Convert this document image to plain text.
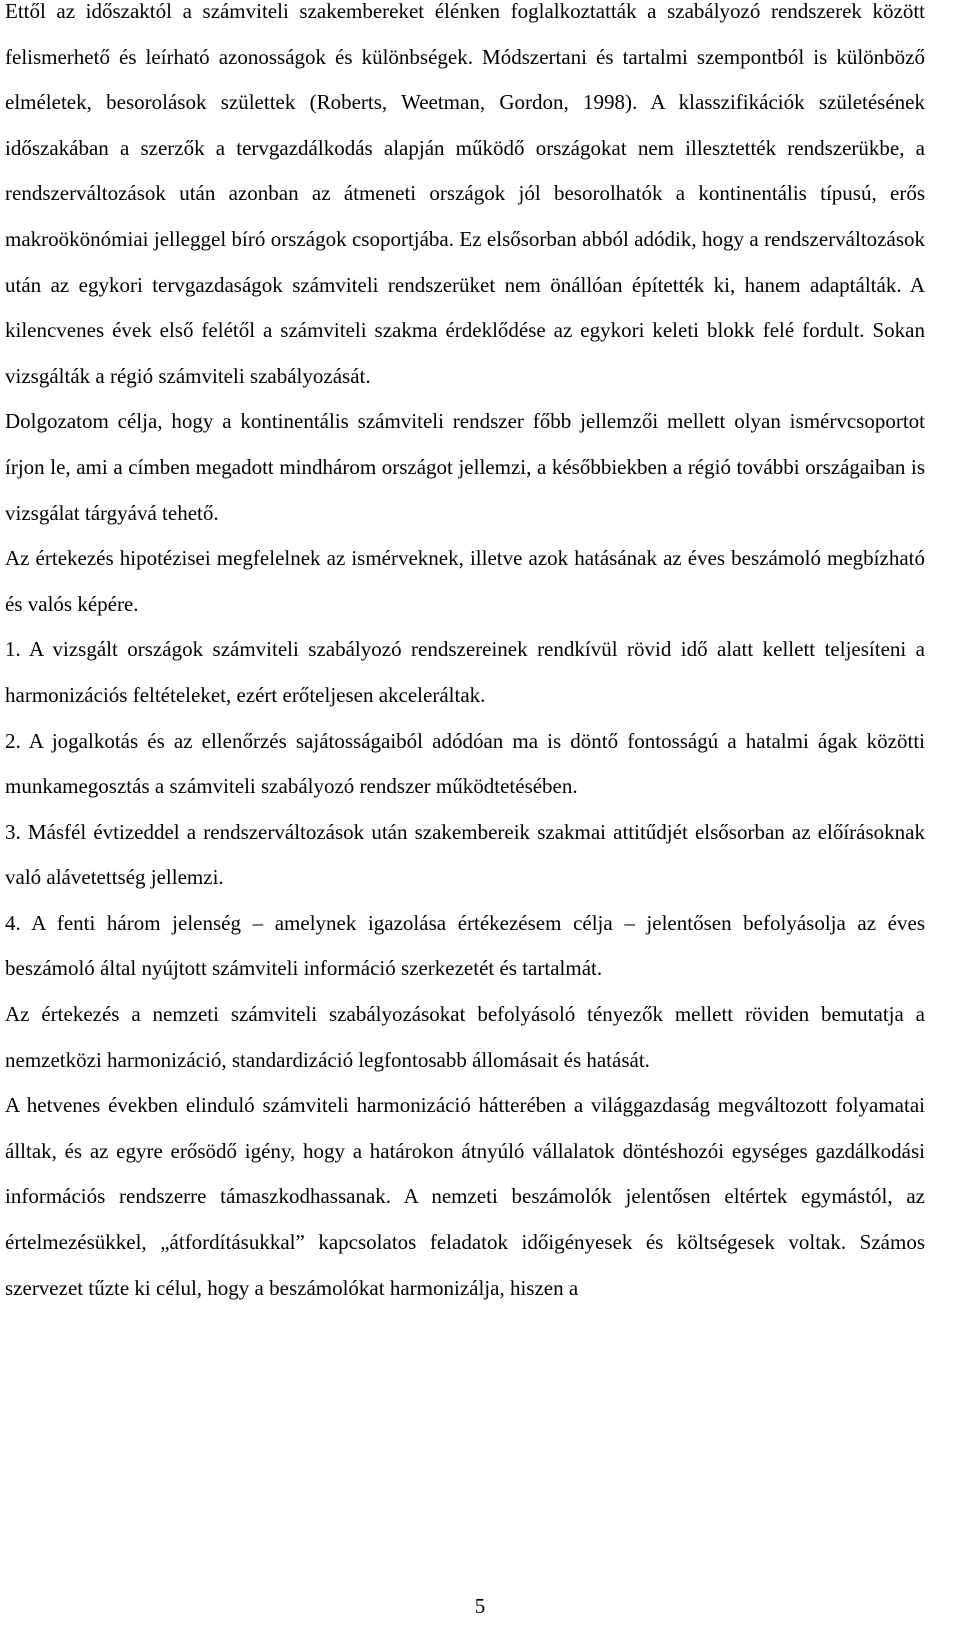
Ettől az időszaktól a számviteli szakembereket élénken foglalkoztatták a szabályozó rendszerek között felismerhető és leírható azonosságok és különbségek. Módszertani és tartalmi szempontból is különböző elméletek, besorolások születtek (Roberts, Weetman, Gordon, 1998). A klasszifikációk születésének időszakában a szerzők a tervgazdálkodás alapján működő országokat nem illesztették rendszerükbe, a rendszerváltozások után azonban az átmeneti országok jól besorolhatók a kontinentális típusú, erős makroökönómiai jelleggel bíró országok csoportjába. Ez elsősorban abból adódik, hogy a rendszerváltozások után az egykori tervgazdaságok számviteli rendszerüket nem önállóan építették ki, hanem adaptálták. A kilencvenes évek első felétől a számviteli szakma érdeklődése az egykori keleti blokk felé fordult. Sokan vizsgálták a régió számviteli szabályozását.

Dolgozatom célja, hogy a kontinentális számviteli rendszer főbb jellemzői mellett olyan ismérvcsoportot írjon le, ami a címben megadott mindhárom országot jellemzi, a későbbiekben a régió további országaiban is vizsgálat tárgyává tehető.

Az értekezés hipotézisei megfelelnek az ismérveknek, illetve azok hatásának az éves beszámoló megbízható és valós képére.

1. A vizsgált országok számviteli szabályozó rendszereinek rendkívül rövid idő alatt kellett teljesíteni a harmonizációs feltételeket, ezért erőteljesen akceleráltak.

2. A jogalkotás és az ellenőrzés sajátosságaiból adódóan ma is döntő fontosságú a hatalmi ágak közötti munkamegosztás a számviteli szabályozó rendszer működtetésében.

3. Másfél évtizeddel a rendszerváltozások után szakembereik szakmai attitűdjét elsősorban az előírásoknak való alávetettség jellemzi.

4. A fenti három jelenség – amelynek igazolása értékezésem célja – jelentősen befolyásolja az éves beszámoló által nyújtott számviteli információ szerkezetét és tartalmát.

Az értekezés a nemzeti számviteli szabályozásokat befolyásoló tényezők mellett röviden bemutatja a nemzetközi harmonizáció, standardizáció legfontosabb állomásait és hatását.

A hetvenes években elinduló számviteli harmonizáció hátterében a világgazdaság megváltozott folyamatai álltak, és az egyre erősödő igény, hogy a határokon átnyúló vállalatok döntéshozói egységes gazdálkodási információs rendszerre támaszkodhassanak. A nemzeti beszámolók jelentősen eltértek egymástól, az értelmezésükkel, „átfordításukkal” kapcsolatos feladatok időigényesek és költségesek voltak. Számos szervezet tűzte ki célul, hogy a beszámolókat harmonizálja, hiszen a

5
